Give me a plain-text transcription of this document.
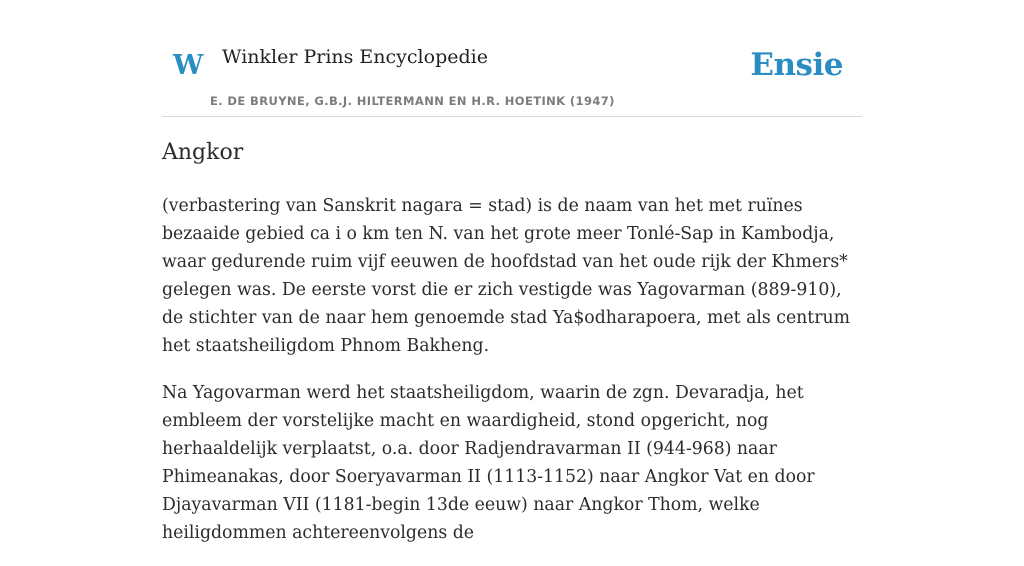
W Winkler Prins Encyclopedie
E. DE BRUYNE, G.B.J. HILTERMANN EN H.R. HOETINK (1947)
Ensie
Angkor

(verbastering van Sanskrit nagara = stad) is de naam van het met ruïnes bezaaide gebied ca i o km ten N. van het grote meer Tonlé-Sap in Kambodja, waar gedurende ruim vijf eeuwen de hoofdstad van het oude rijk der Khmers* gelegen was. De eerste vorst die er zich vestigde was Yagovarman (889-910), de stichter van de naar hem genoemde stad Ya$odharapoera, met als centrum het staatsheiligdom Phnom Bakheng.

Na Yagovarman werd het staatsheiligdom, waarin de zgn. Devaradja, het embleem der vorstelijke macht en waardigheid, stond opgericht, nog herhaaldelijk verplaatst, o.a. door Radjendravarman II (944-968) naar Phimeanakas, door Soeryavarman II (1113-1152) naar Angkor Vat en door Djayavarman VII (1181-begin 13de eeuw) naar Angkor Thom, welke heiligdommen achtereenvolgens de
